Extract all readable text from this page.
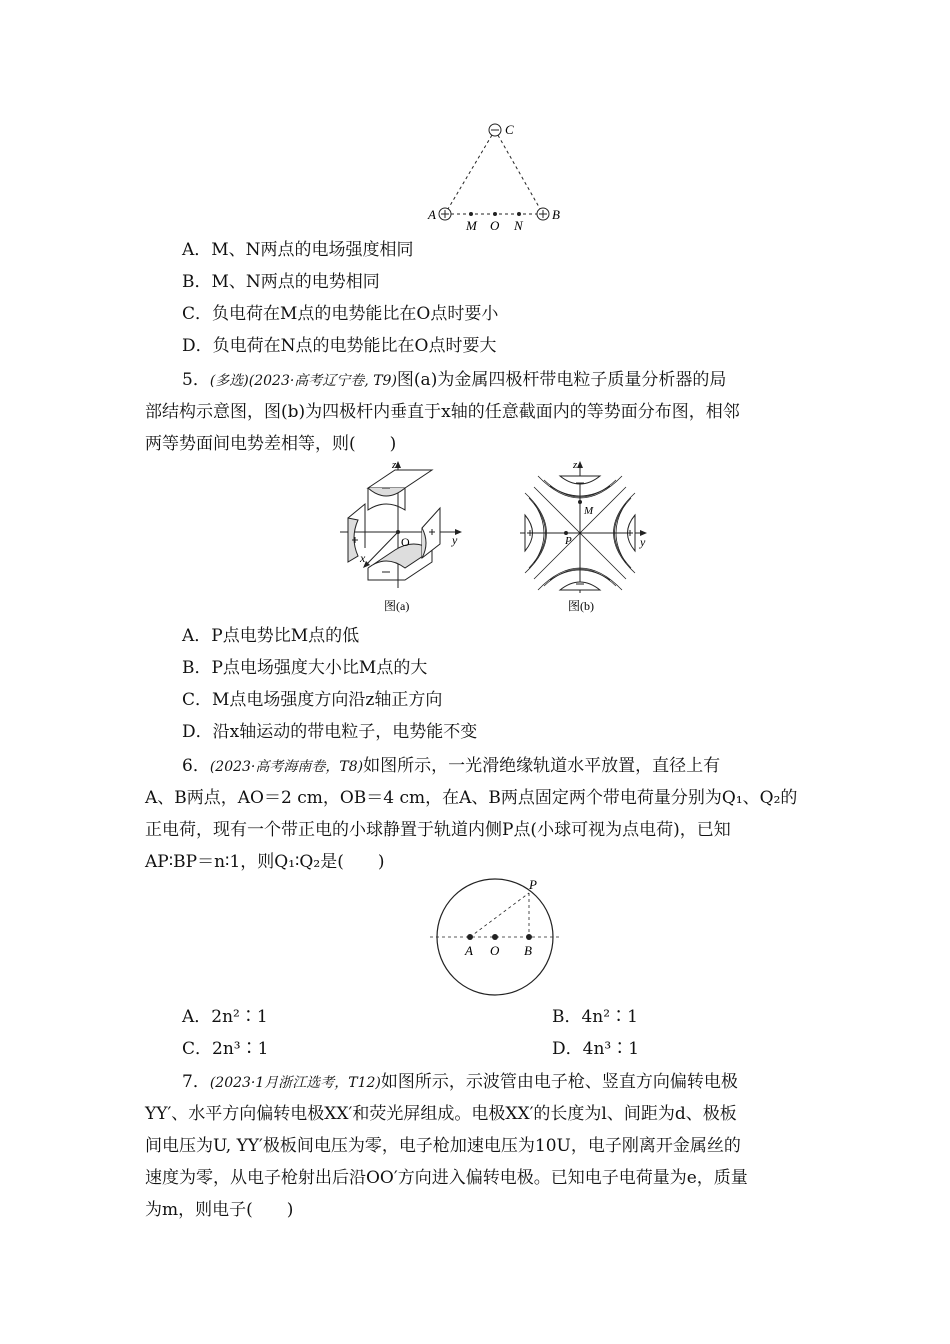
C
A	B
M O N
A．M、N两点的电场强度相同
B．M、N两点的电势相同
C．负电荷在M点的电势能比在O点时要小
D．负电荷在N点的电势能比在O点时要大
5．(多选)(2023·高考辽宁卷, T9)图(a)为金属四极杆带电粒子质量分析器的局
部结构示意图，图(b)为四极杆内垂直于x轴的任意截面内的等势面分布图，相邻
两等势面间电势差相等，则(　　)
z
y
x
O
图(a)
z
y
M
P
图(b)
A．P点电势比M点的低
B．P点电场强度大小比M点的大
C．M点电场强度方向沿z轴正方向
D．沿x轴运动的带电粒子，电势能不变
6．(2023·高考海南卷，T8)如图所示，一光滑绝缘轨道水平放置，直径上有
A、B两点，AO＝2 cm，OB＝4 cm，在A、B两点固定两个带电荷量分别为Q₁、Q₂的
正电荷，现有一个带正电的小球静置于轨道内侧P点(小球可视为点电荷)，已知
AP∶BP＝n∶1，则Q₁∶Q₂是(　　)
P
A O B
A．2n²∶1	B．4n²∶1
C．2n³∶1	D．4n³∶1
7．(2023·1月浙江选考，T12)如图所示，示波管由电子枪、竖直方向偏转电极
YY′、水平方向偏转电极XX′和荧光屏组成。电极XX′的长度为l、间距为d、极板
间电压为U, YY′极板间电压为零，电子枪加速电压为10U，电子刚离开金属丝的
速度为零，从电子枪射出后沿OO′方向进入偏转电极。已知电子电荷量为e，质量
为m，则电子(　　)
